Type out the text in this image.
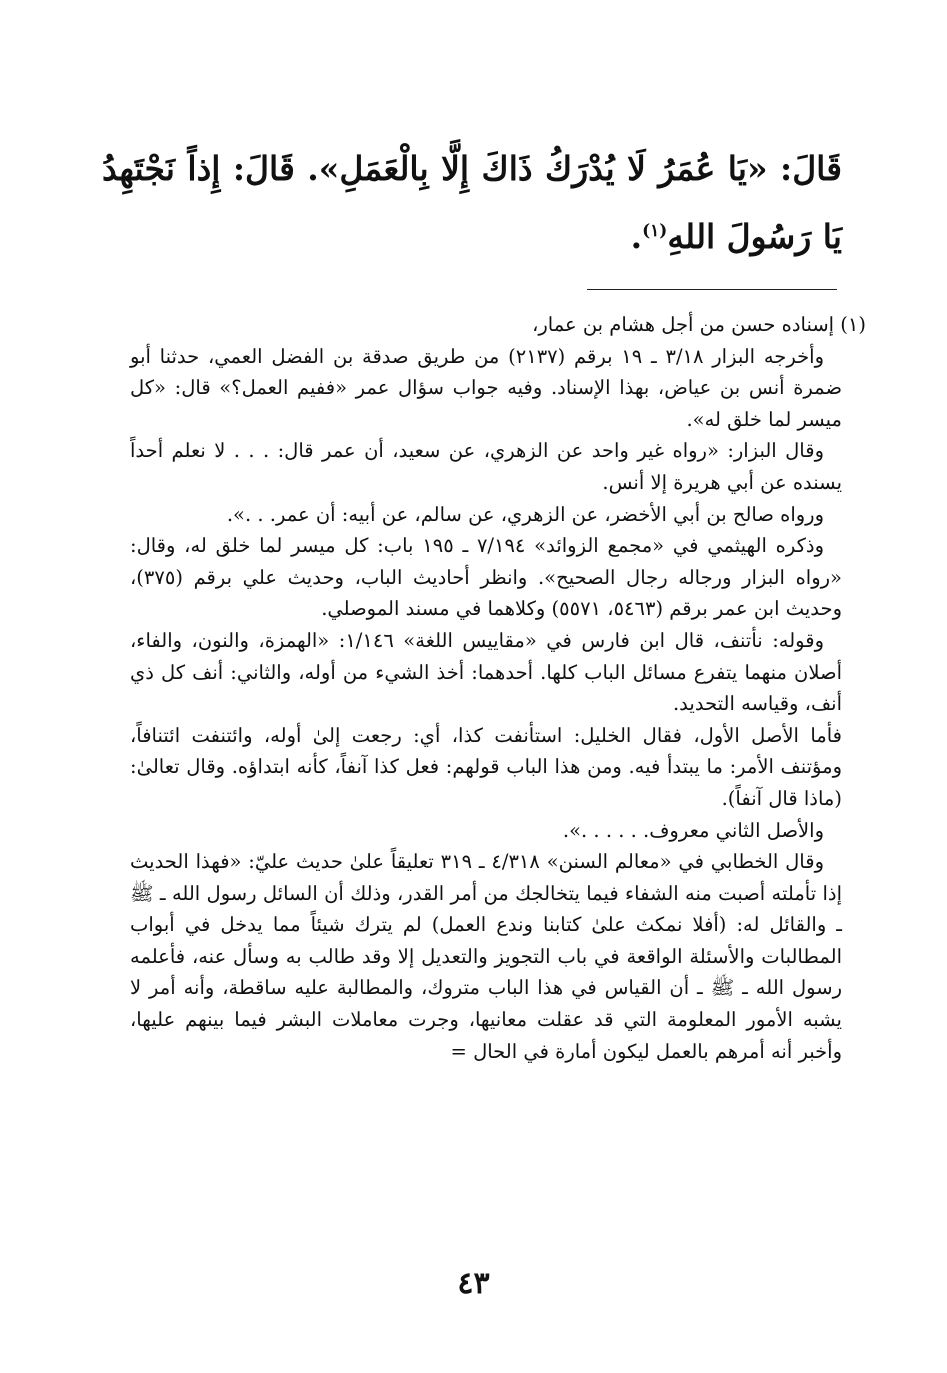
قَالَ: «يَا عُمَرُ لَا يُدْرَكُ ذَاكَ إِلَّا بِالْعَمَلِ». قَالَ: إِذاً نَجْتَهِدُ يَا رَسُولَ اللهِ$^{(١)}$.

(١) إسناده حسن من أجل هشام بن عمار،

وأخرجه البزار ٣/١٨ ـ ١٩ برقم (٢١٣٧) من طريق صدقة بن الفضل العمي، حدثنا أبو ضمرة أنس بن عياض، بهذا الإسناد. وفيه جواب سؤال عمر «ففيم العمل؟» قال: «كل ميسر لما خلق له».

وقال البزار: «رواه غير واحد عن الزهري، عن سعيد، أن عمر قال: . . . لا نعلم أحداً يسنده عن أبي هريرة إلا أنس.

ورواه صالح بن أبي الأخضر، عن الزهري، عن سالم، عن أبيه: أن عمر. . .».

وذكره الهيثمي في «مجمع الزوائد» ٧/١٩٤ ـ ١٩٥ باب: كل ميسر لما خلق له، وقال: «رواه البزار ورجاله رجال الصحيح». وانظر أحاديث الباب، وحديث علي برقم (٣٧٥)، وحديث ابن عمر برقم (٥٤٦٣، ٥٥٧١) وكلاهما في مسند الموصلي.

وقوله: نأتنف، قال ابن فارس في «مقاييس اللغة» ١/١٤٦: «الهمزة، والنون، والفاء، أصلان منهما يتفرع مسائل الباب كلها. أحدهما: أخذ الشيء من أوله، والثاني: أنف كل ذي أنف، وقياسه التحديد.

فأما الأصل الأول، فقال الخليل: استأنفت كذا، أي: رجعت إلىٰ أوله، وائتنفت ائتنافاً، ومؤتنف الأمر: ما يبتدأ فيه. ومن هذا الباب قولهم: فعل كذا آنفاً، كأنه ابتداؤه. وقال تعالىٰ: (ماذا قال آنفاً).

والأصل الثاني معروف. . . . . .».

وقال الخطابي في «معالم السنن» ٤/٣١٨ ـ ٣١٩ تعليقاً علىٰ حديث عليّ: «فهذا الحديث إذا تأملته أصبت منه الشفاء فيما يتخالجك من أمر القدر، وذلك أن السائل رسول الله ـ ﷺ ـ والقائل له: (أفلا نمكث علىٰ كتابنا وندع العمل) لم يترك شيئاً مما يدخل في أبواب المطالبات والأسئلة الواقعة في باب التجويز والتعديل إلا وقد طالب به وسأل عنه، فأعلمه رسول الله ـ ﷺ ـ أن القياس في هذا الباب متروك، والمطالبة عليه ساقطة، وأنه أمر لا يشبه الأمور المعلومة التي قد عقلت معانيها، وجرت معاملات البشر فيما بينهم عليها، وأخبر أنه أمرهم بالعمل ليكون أمارة في الحال =

٤٣
